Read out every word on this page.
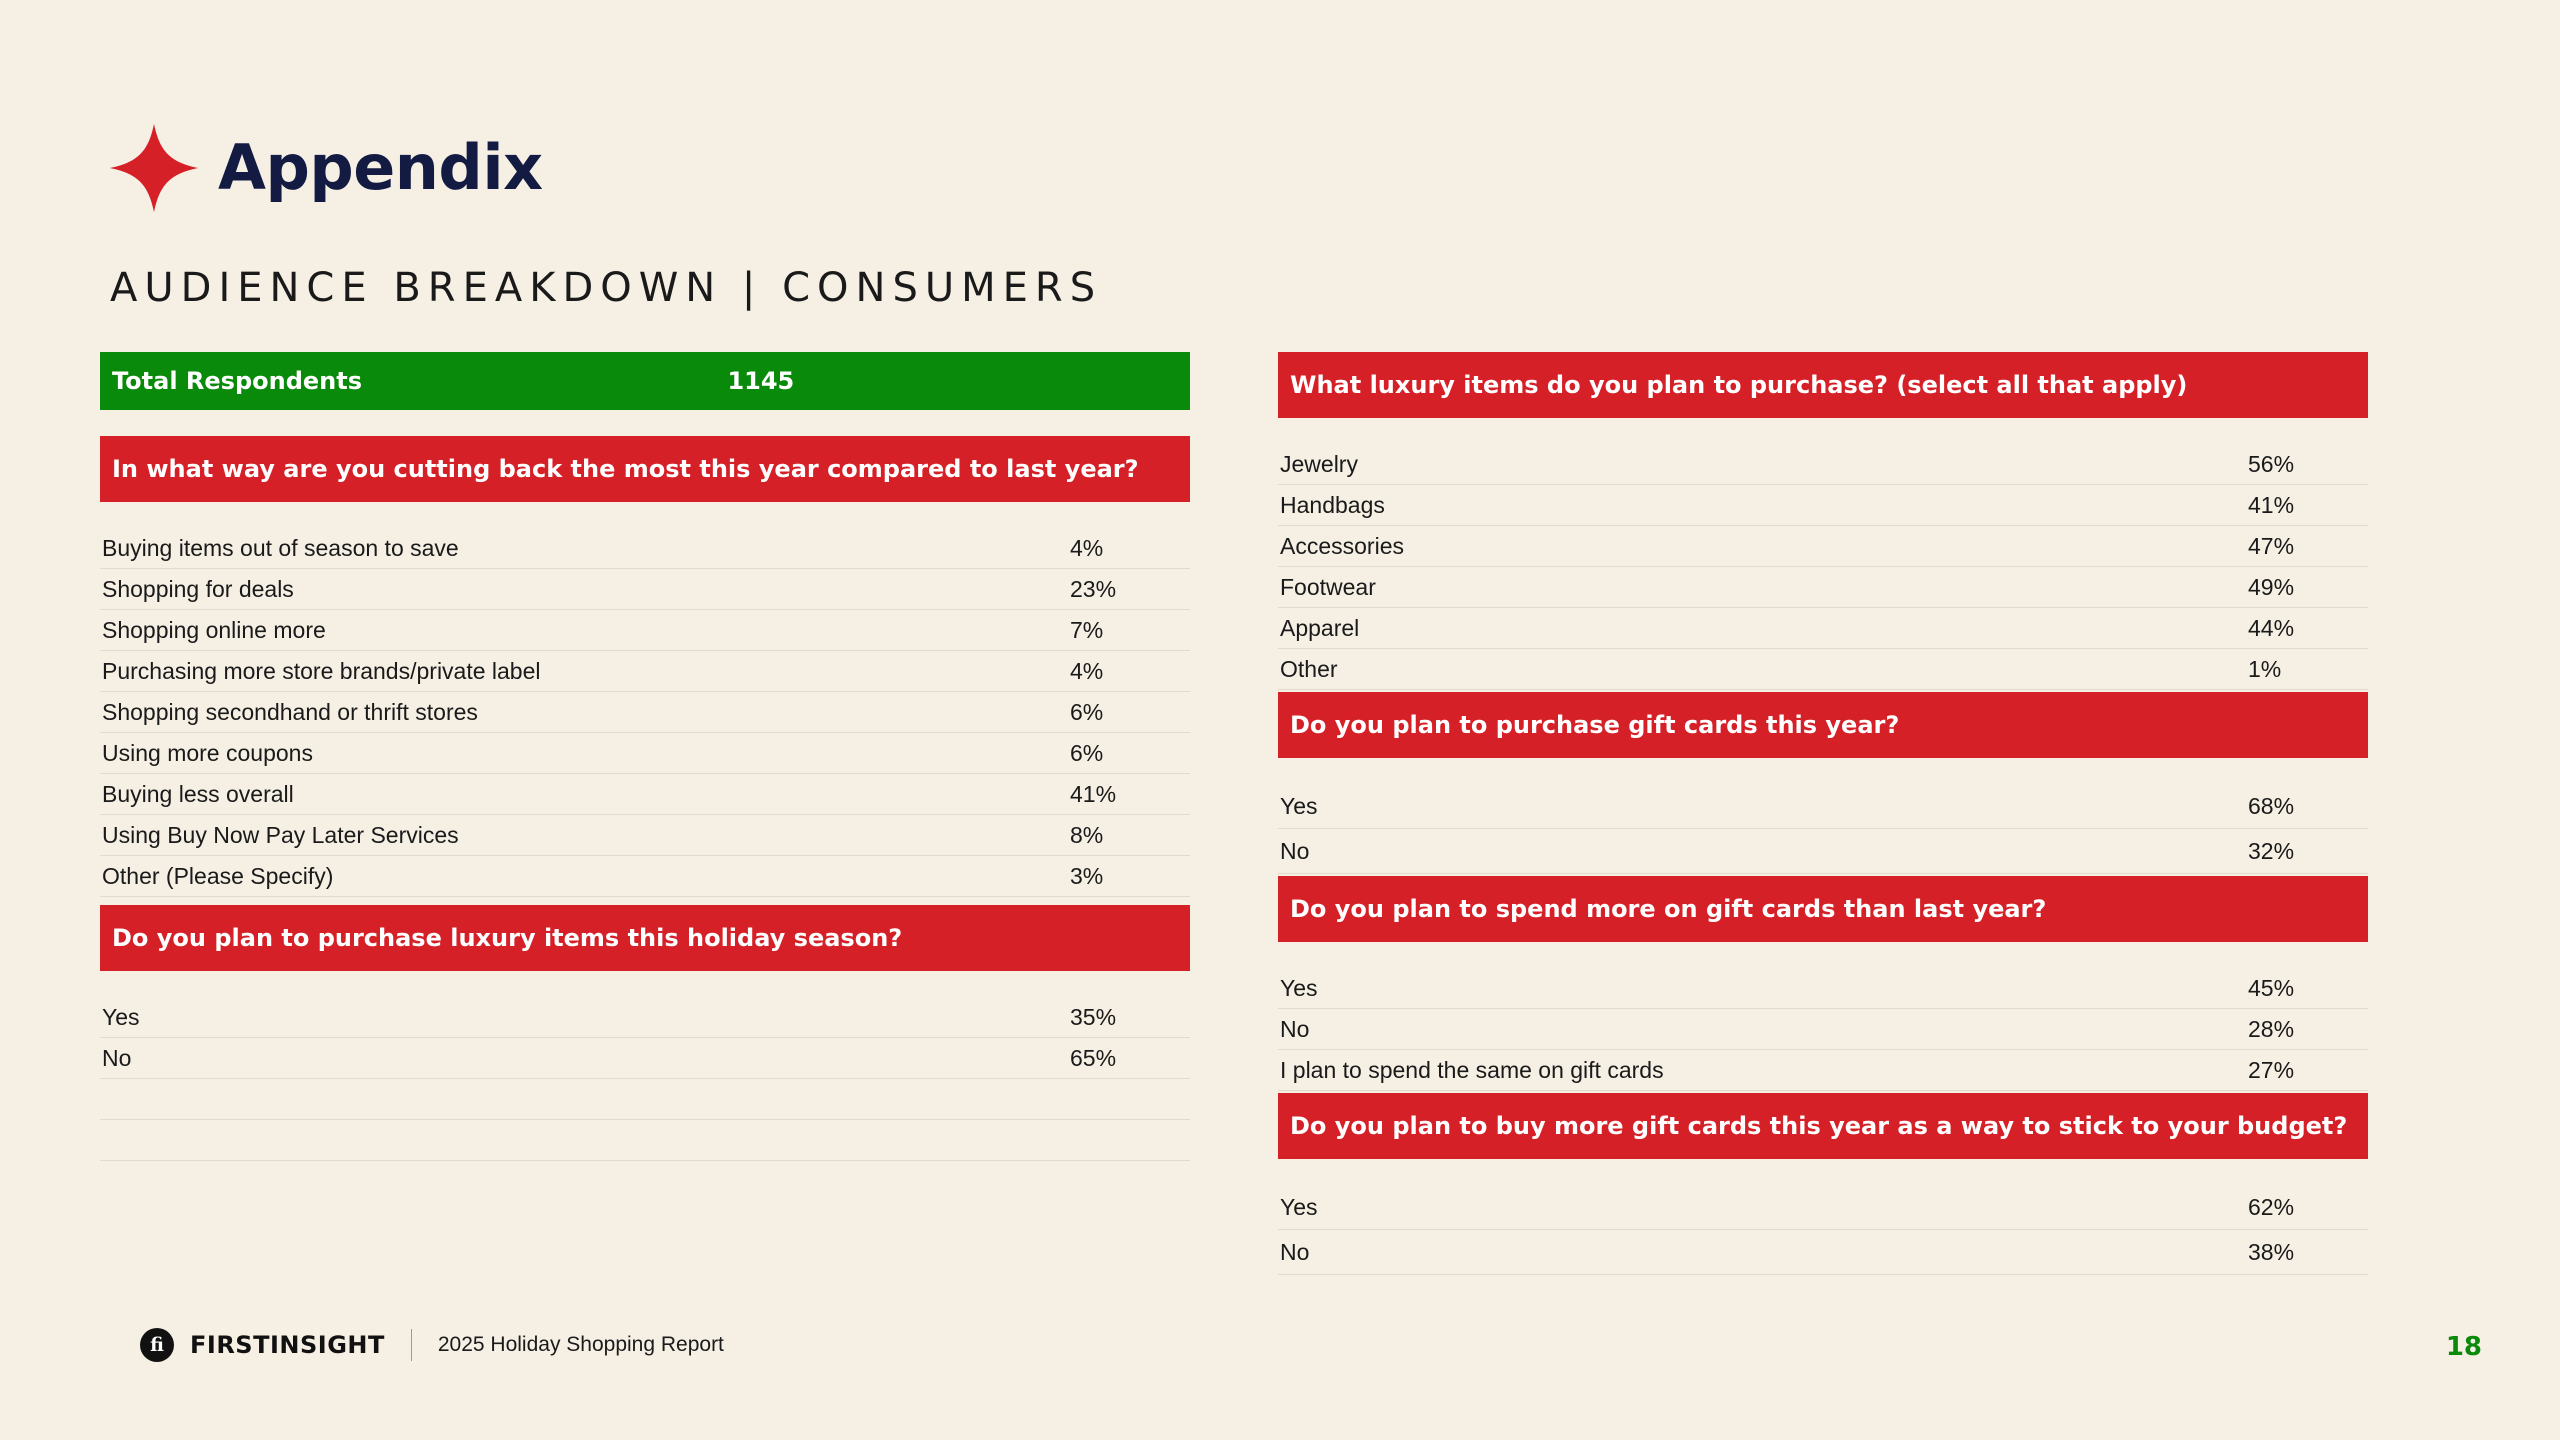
Appendix
AUDIENCE BREAKDOWN | CONSUMERS
Total Respondents	1145
In what way are you cutting back the most this year compared to last year?
Buying items out of season to save	4%
Shopping for deals	23%
Shopping online more	7%
Purchasing more store brands/private label	4%
Shopping secondhand or thrift stores	6%
Using more coupons	6%
Buying less overall	41%
Using Buy Now Pay Later Services	8%
Other (Please Specify)	3%
Do you plan to purchase luxury items this holiday season?
Yes	35%
No	65%
What luxury items do you plan to purchase? (select all that apply)
Jewelry	56%
Handbags	41%
Accessories	47%
Footwear	49%
Apparel	44%
Other	1%
Do you plan to purchase gift cards this year?
Yes	68%
No	32%
Do you plan to spend more on gift cards than last year?
Yes	45%
No	28%
I plan to spend the same on gift cards	27%
Do you plan to buy more gift cards this year as a way to stick to your budget?
Yes	62%
No	38%
fi	FIRSTINSIGHT	2025 Holiday Shopping Report	18
